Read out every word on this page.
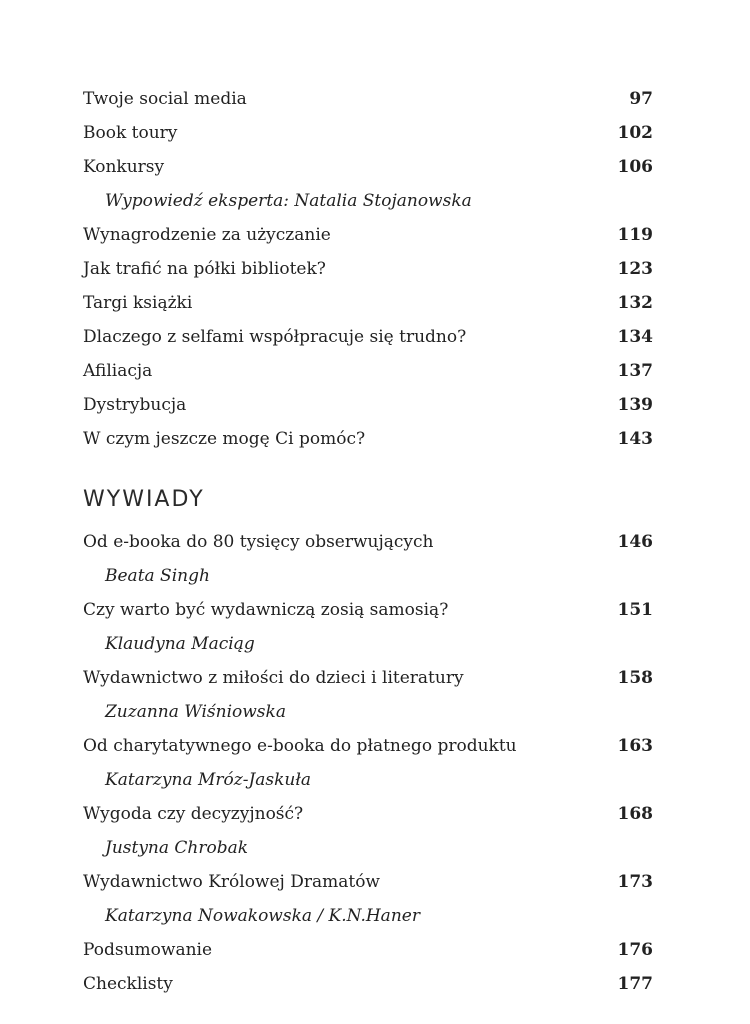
Twoje social media	97
Book toury	102
Konkursy	106
Wypowiedź eksperta: Natalia Stojanowska
Wynagrodzenie za użyczanie	119
Jak trafić na półki bibliotek?	123
Targi książki	132
Dlaczego z selfami współpracuje się trudno?	134
Afiliacja	137
Dystrybucja	139
W czym jeszcze mogę Ci pomóc?	143
WYWIADY
Od e-booka do 80 tysięcy obserwujących	146
Beata Singh
Czy warto być wydawniczą zosią samosią?	151
Klaudyna Maciąg
Wydawnictwo z miłości do dzieci i literatury	158
Zuzanna Wiśniowska
Od charytatywnego e-booka do płatnego produktu	163
Katarzyna Mróz-Jaskuła
Wygoda czy decyzyjność?	168
Justyna Chrobak
Wydawnictwo Królowej Dramatów	173
Katarzyna Nowakowska / K.N.Haner
Podsumowanie	176
Checklisty	177
